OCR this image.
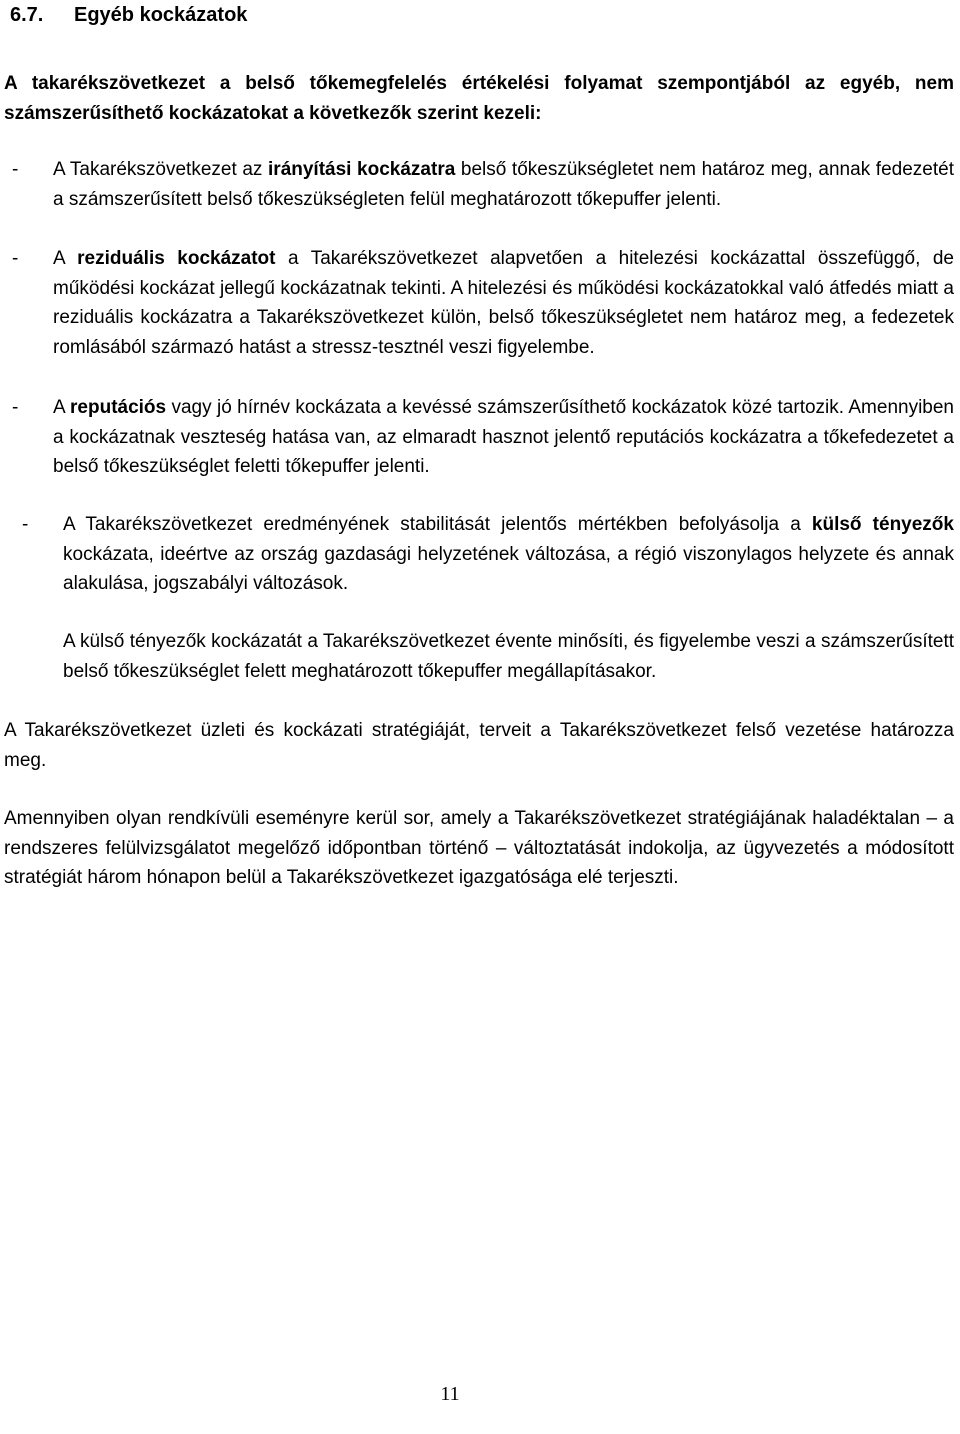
6.7. Egyéb kockázatok
A takarékszövetkezet a belső tőkemegfelelés értékelési folyamat szempontjából az egyéb, nem számszerűsíthető kockázatokat a következők szerint kezeli:
- A Takarékszövetkezet az irányítási kockázatra belső tőkeszükségletet nem határoz meg, annak fedezetét a számszerűsített belső tőkeszükségleten felül meghatározott tőkepuffer jelenti.
- A reziduális kockázatot a Takarékszövetkezet alapvetően a hitelezési kockázattal összefüggő, de működési kockázat jellegű kockázatnak tekinti. A hitelezési és működési kockázatokkal való átfedés miatt a reziduális kockázatra a Takarékszövetkezet külön, belső tőkeszükségletet nem határoz meg, a fedezetek romlásából származó hatást a stressz-tesztnél veszi figyelembe.
- A reputációs vagy jó hírnév kockázata a kevéssé számszerűsíthető kockázatok közé tartozik. Amennyiben a kockázatnak veszteség hatása van, az elmaradt hasznot jelentő reputációs kockázatra a tőkefedezetet a belső tőkeszükséglet feletti tőkepuffer jelenti.
- A Takarékszövetkezet eredményének stabilitását jelentős mértékben befolyásolja a külső tényezők kockázata, ideértve az ország gazdasági helyzetének változása, a régió viszonylagos helyzete és annak alakulása, jogszabályi változások.
A külső tényezők kockázatát a Takarékszövetkezet évente minősíti, és figyelembe veszi a számszerűsített belső tőkeszükséglet felett meghatározott tőkepuffer megállapításakor.
A Takarékszövetkezet üzleti és kockázati stratégiáját, terveit a Takarékszövetkezet felső vezetése határozza meg.
Amennyiben olyan rendkívüli eseményre kerül sor, amely a Takarékszövetkezet stratégiájának haladéktalan – a rendszeres felülvizsgálatot megelőző időpontban történő – változtatását indokolja, az ügyvezetés a módosított stratégiát három hónapon belül a Takarékszövetkezet igazgatósága elé terjeszti.
11
